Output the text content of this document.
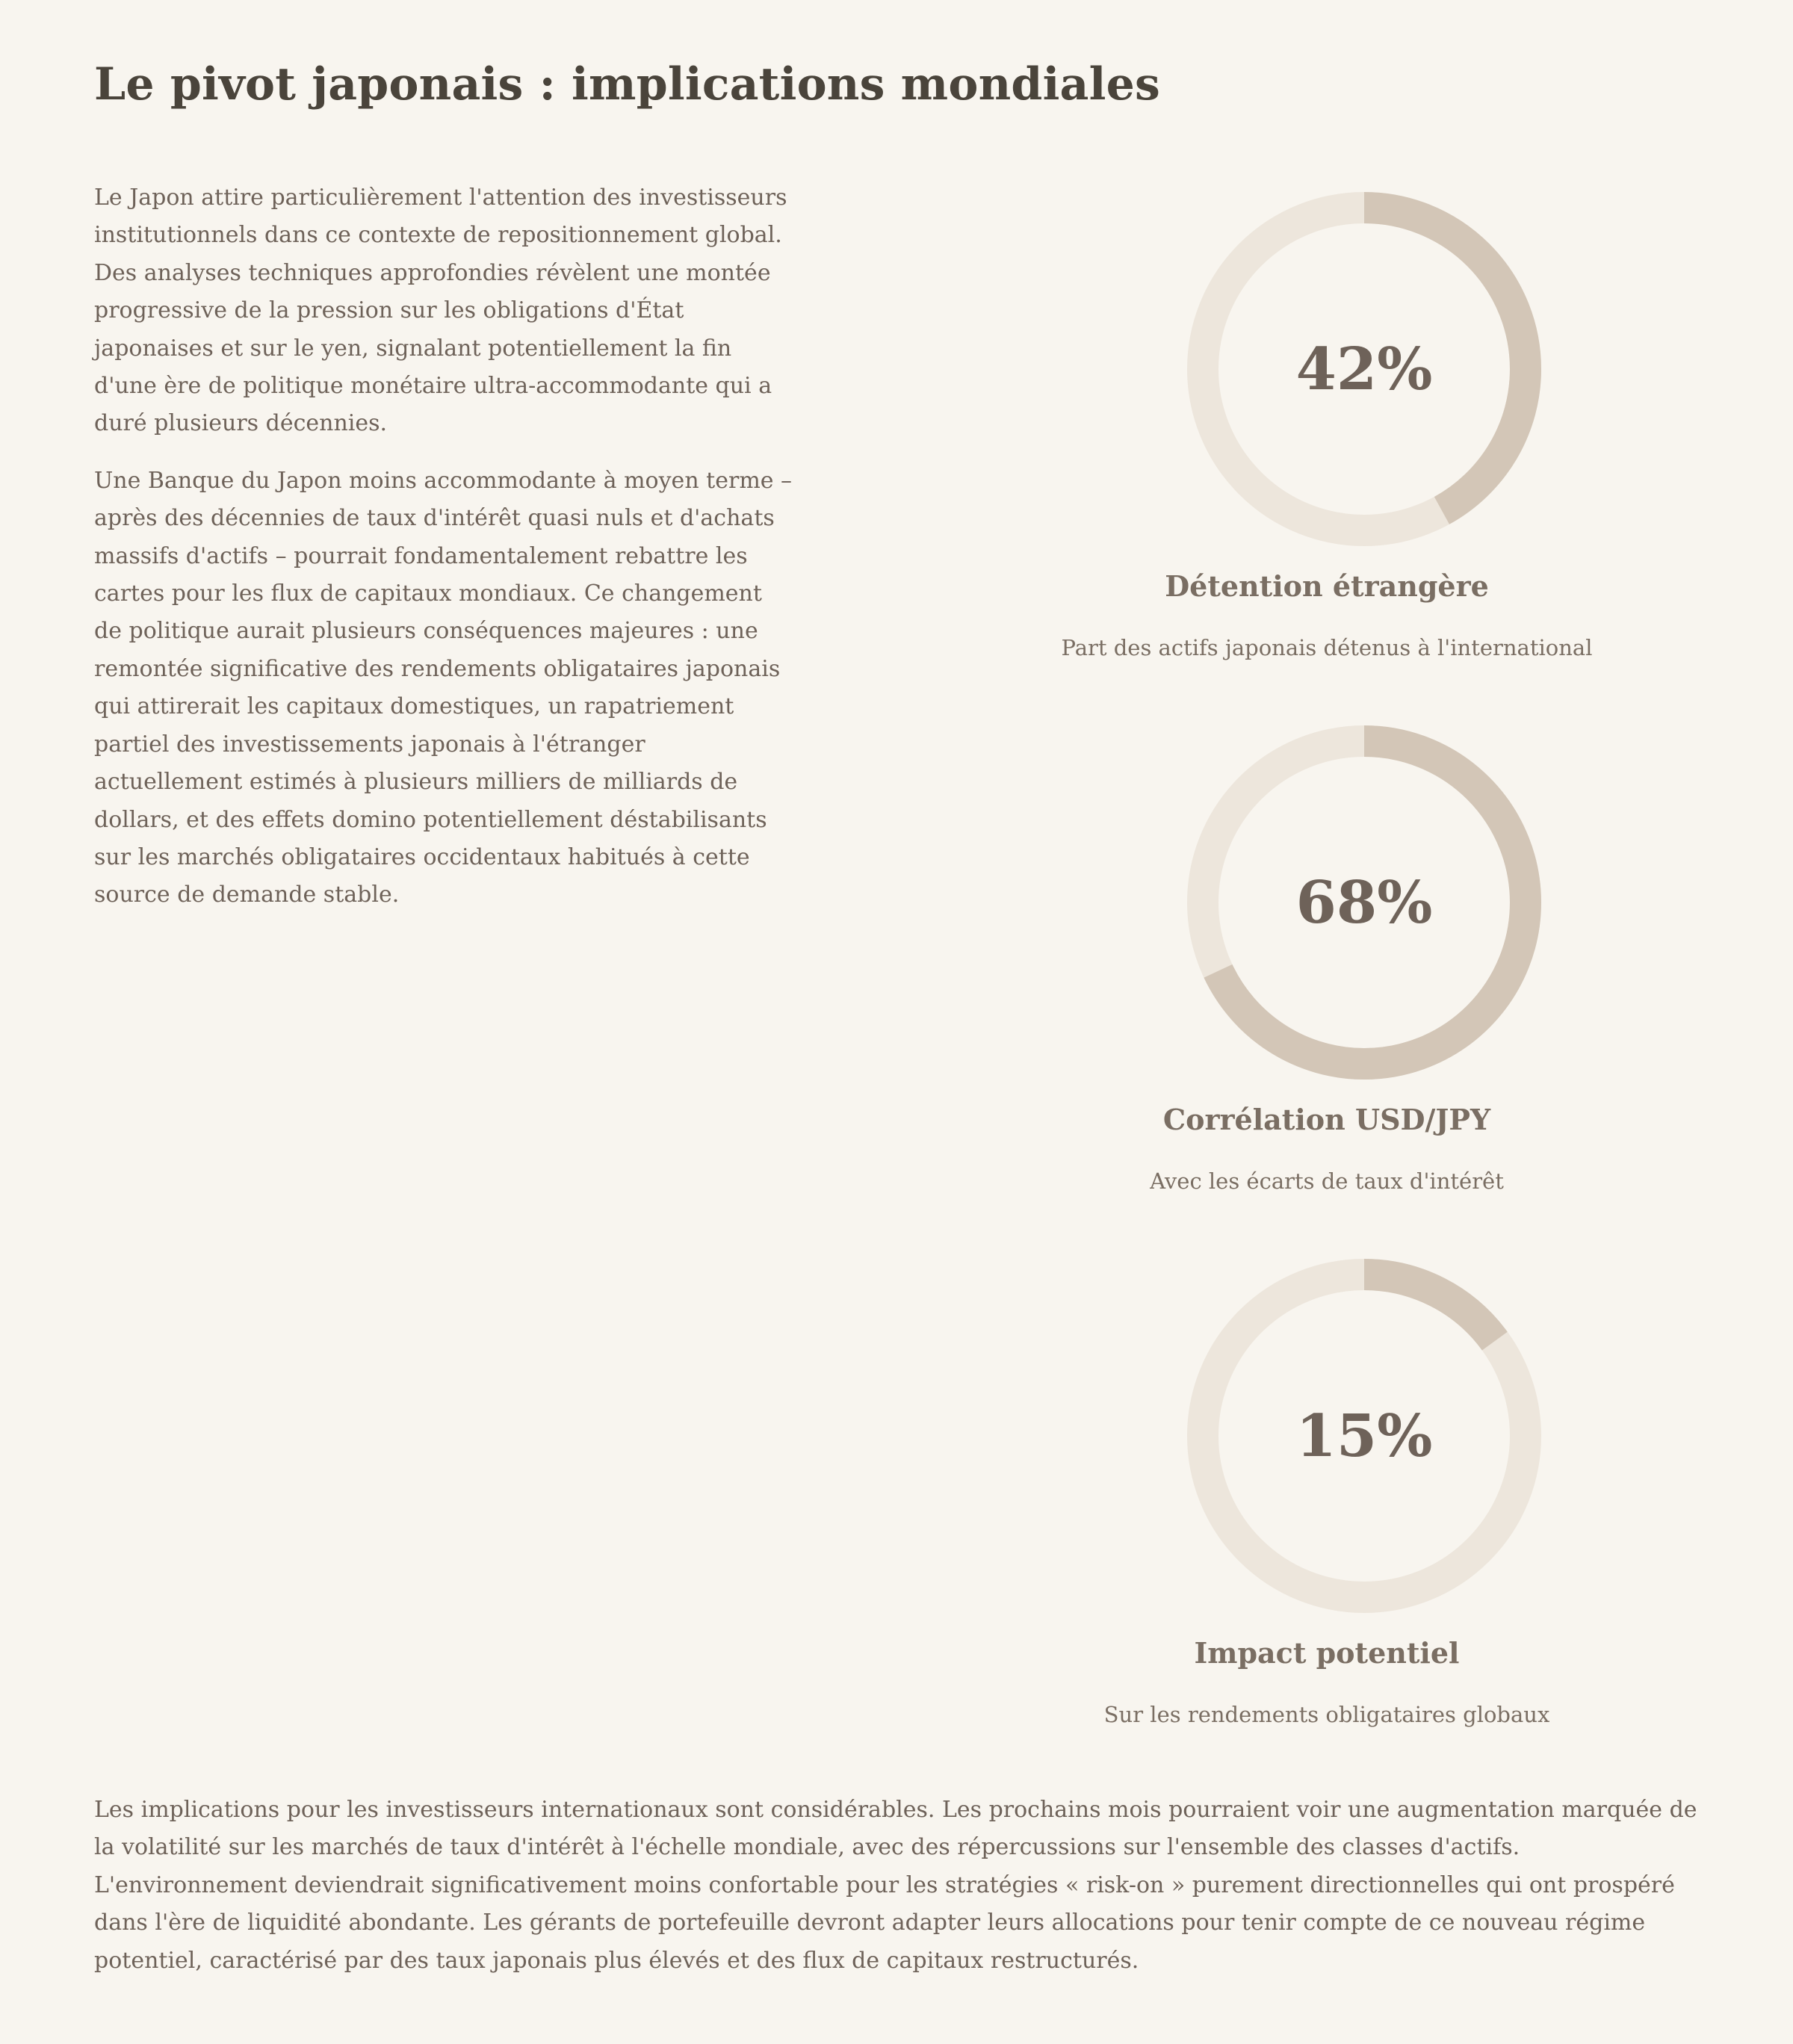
Le pivot japonais : implications mondiales

Le Japon attire particulièrement l'attention des investisseurs institutionnels dans ce contexte de repositionnement global. Des analyses techniques approfondies révèlent une montée progressive de la pression sur les obligations d'État japonaises et sur le yen, signalant potentiellement la fin d'une ère de politique monétaire ultra-accommodante qui a duré plusieurs décennies.

Une Banque du Japon moins accommodante à moyen terme – après des décennies de taux d'intérêt quasi nuls et d'achats massifs d'actifs – pourrait fondamentalement rebattre les cartes pour les flux de capitaux mondiaux. Ce changement de politique aurait plusieurs conséquences majeures : une remontée significative des rendements obligataires japonais qui attirerait les capitaux domestiques, un rapatriement partiel des investissements japonais à l'étranger actuellement estimés à plusieurs milliers de milliards de dollars, et des effets domino potentiellement déstabilisants sur les marchés obligataires occidentaux habitués à cette source de demande stable.

42%
Détention étrangère
Part des actifs japonais détenus à l'international
68%
Corrélation USD/JPY
Avec les écarts de taux d'intérêt
15%
Impact potentiel
Sur les rendements obligataires globaux

Les implications pour les investisseurs internationaux sont considérables. Les prochains mois pourraient voir une augmentation marquée de la volatilité sur les marchés de taux d'intérêt à l'échelle mondiale, avec des répercussions sur l'ensemble des classes d'actifs. L'environnement deviendrait significativement moins confortable pour les stratégies « risk-on » purement directionnelles qui ont prospéré dans l'ère de liquidité abondante. Les gérants de portefeuille devront adapter leurs allocations pour tenir compte de ce nouveau régime potentiel, caractérisé par des taux japonais plus élevés et des flux de capitaux restructurés.
